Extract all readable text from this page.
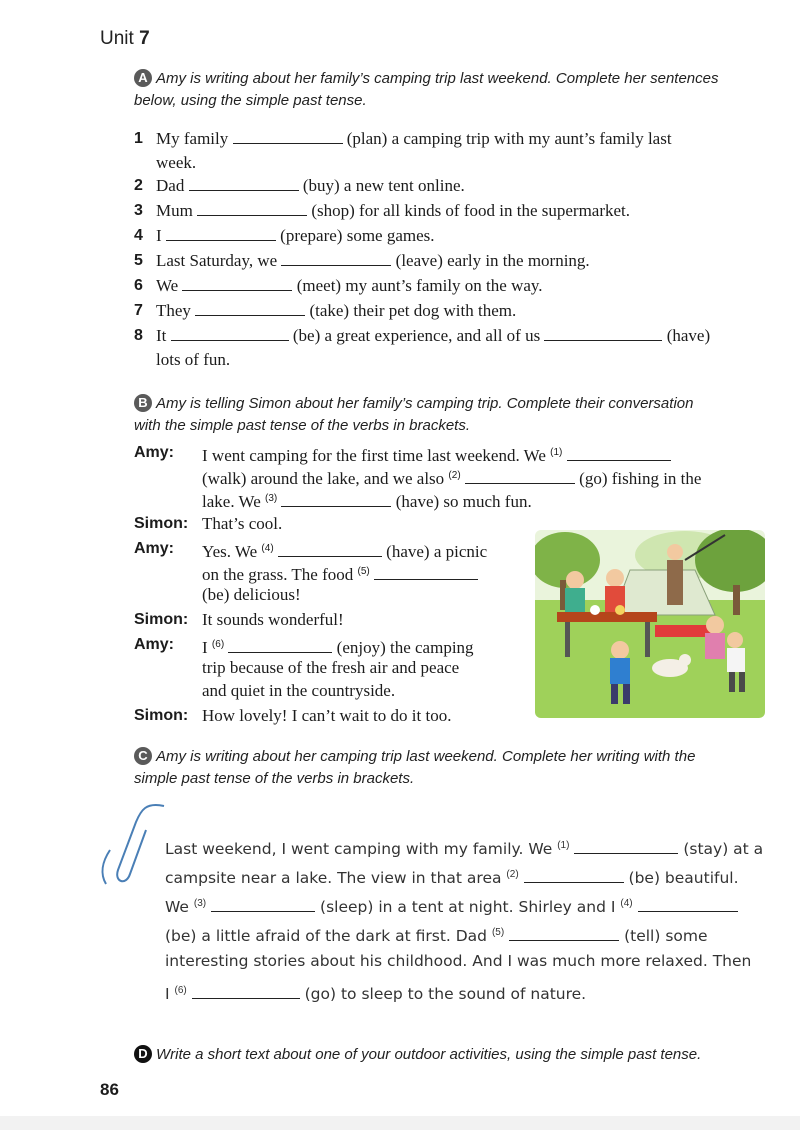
Unit 7
A Amy is writing about her family’s camping trip last weekend. Complete her sentences
below, using the simple past tense.
1 My family	(plan) a camping trip with my aunt’s family last
week.
2 Dad	(buy) a new tent online.
3 Mum	(shop) for all kinds of food in the supermarket.
4 I	(prepare) some games.
5 Last Saturday, we	(leave) early in the morning.
6 We	(meet) my aunt’s family on the way.
7 They	(take) their pet dog with them.
8 It	(be) a great experience, and all of us	(have)
lots of fun.
B Amy is telling Simon about her family’s camping trip. Complete their conversation
with the simple past tense of the verbs in brackets.
Amy: I went camping for the first time last weekend. We $^{(1)}$
(walk) around the lake, and we also $^{(2)}$	(go) fishing in the
lake. We $^{(3)}$	(have) so much fun.
Simon: That’s cool.
Amy: Yes. We $^{(4)}$	(have) a picnic
on the grass. The food $^{(5)}$
(be) delicious!
Simon: It sounds wonderful!
Amy: I $^{(6)}$	(enjoy) the camping
trip because of the fresh air and peace
and quiet in the countryside.
Simon: How lovely! I can’t wait to do it too.
C Amy is writing about her camping trip last weekend. Complete her writing with the
simple past tense of the verbs in brackets.
Last weekend, I went camping with my family. We $^{(1)}$	(stay) at a
campsite near a lake. The view in that area $^{(2)}$	(be) beautiful.
We $^{(3)}$	(sleep) in a tent at night. Shirley and I $^{(4)}$
(be) a little afraid of the dark at first. Dad $^{(5)}$	(tell) some
interesting stories about his childhood. And I was much more relaxed. Then
I $^{(6)}$	(go) to sleep to the sound of nature.
D Write a short text about one of your outdoor activities, using the simple past tense.
86
